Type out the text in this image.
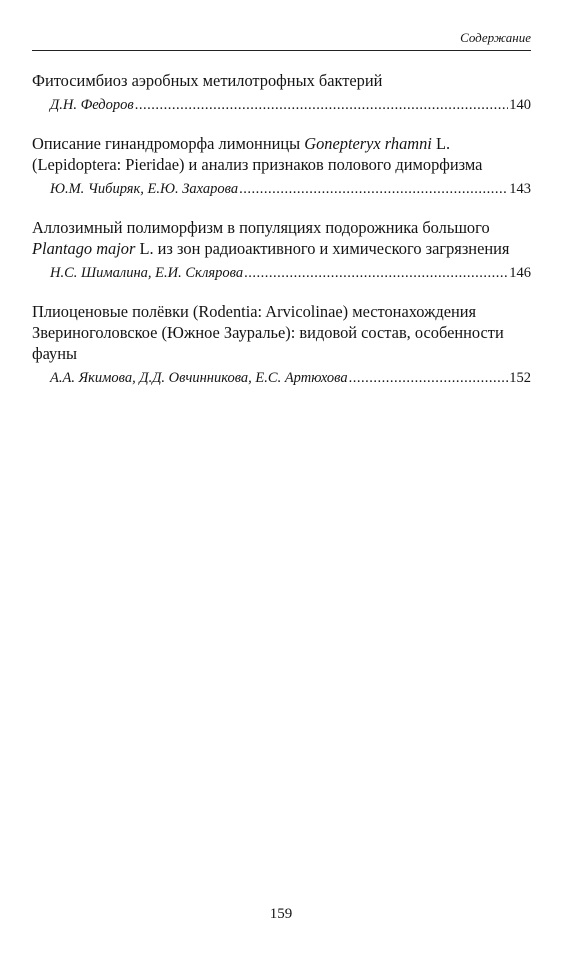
Содержание

Фитосимбиоз аэробных метилотрофных бактерий

Д.Н. Федоров .....	140

Описание гинандроморфа лимонницы Gonepteryx rhamni L. (Lepidoptera: Pieridae) и анализ признаков полового диморфизма

Ю.М. Чибиряк, Е.Ю. Захарова .....	143

Аллозимный полиморфизм в популяциях подорожника большого Plantago major L. из зон радиоактивного и химического загрязнения

Н.С. Шималина, Е.И. Склярова .....	146

Плиоценовые полёвки (Rodentia: Arvicolinae) местонахождения Звериноголовское (Южное Зауралье): видовой состав, особенности фауны

А.А. Якимова, Д.Д. Овчинникова, Е.С. Артюхова .....	152
159
